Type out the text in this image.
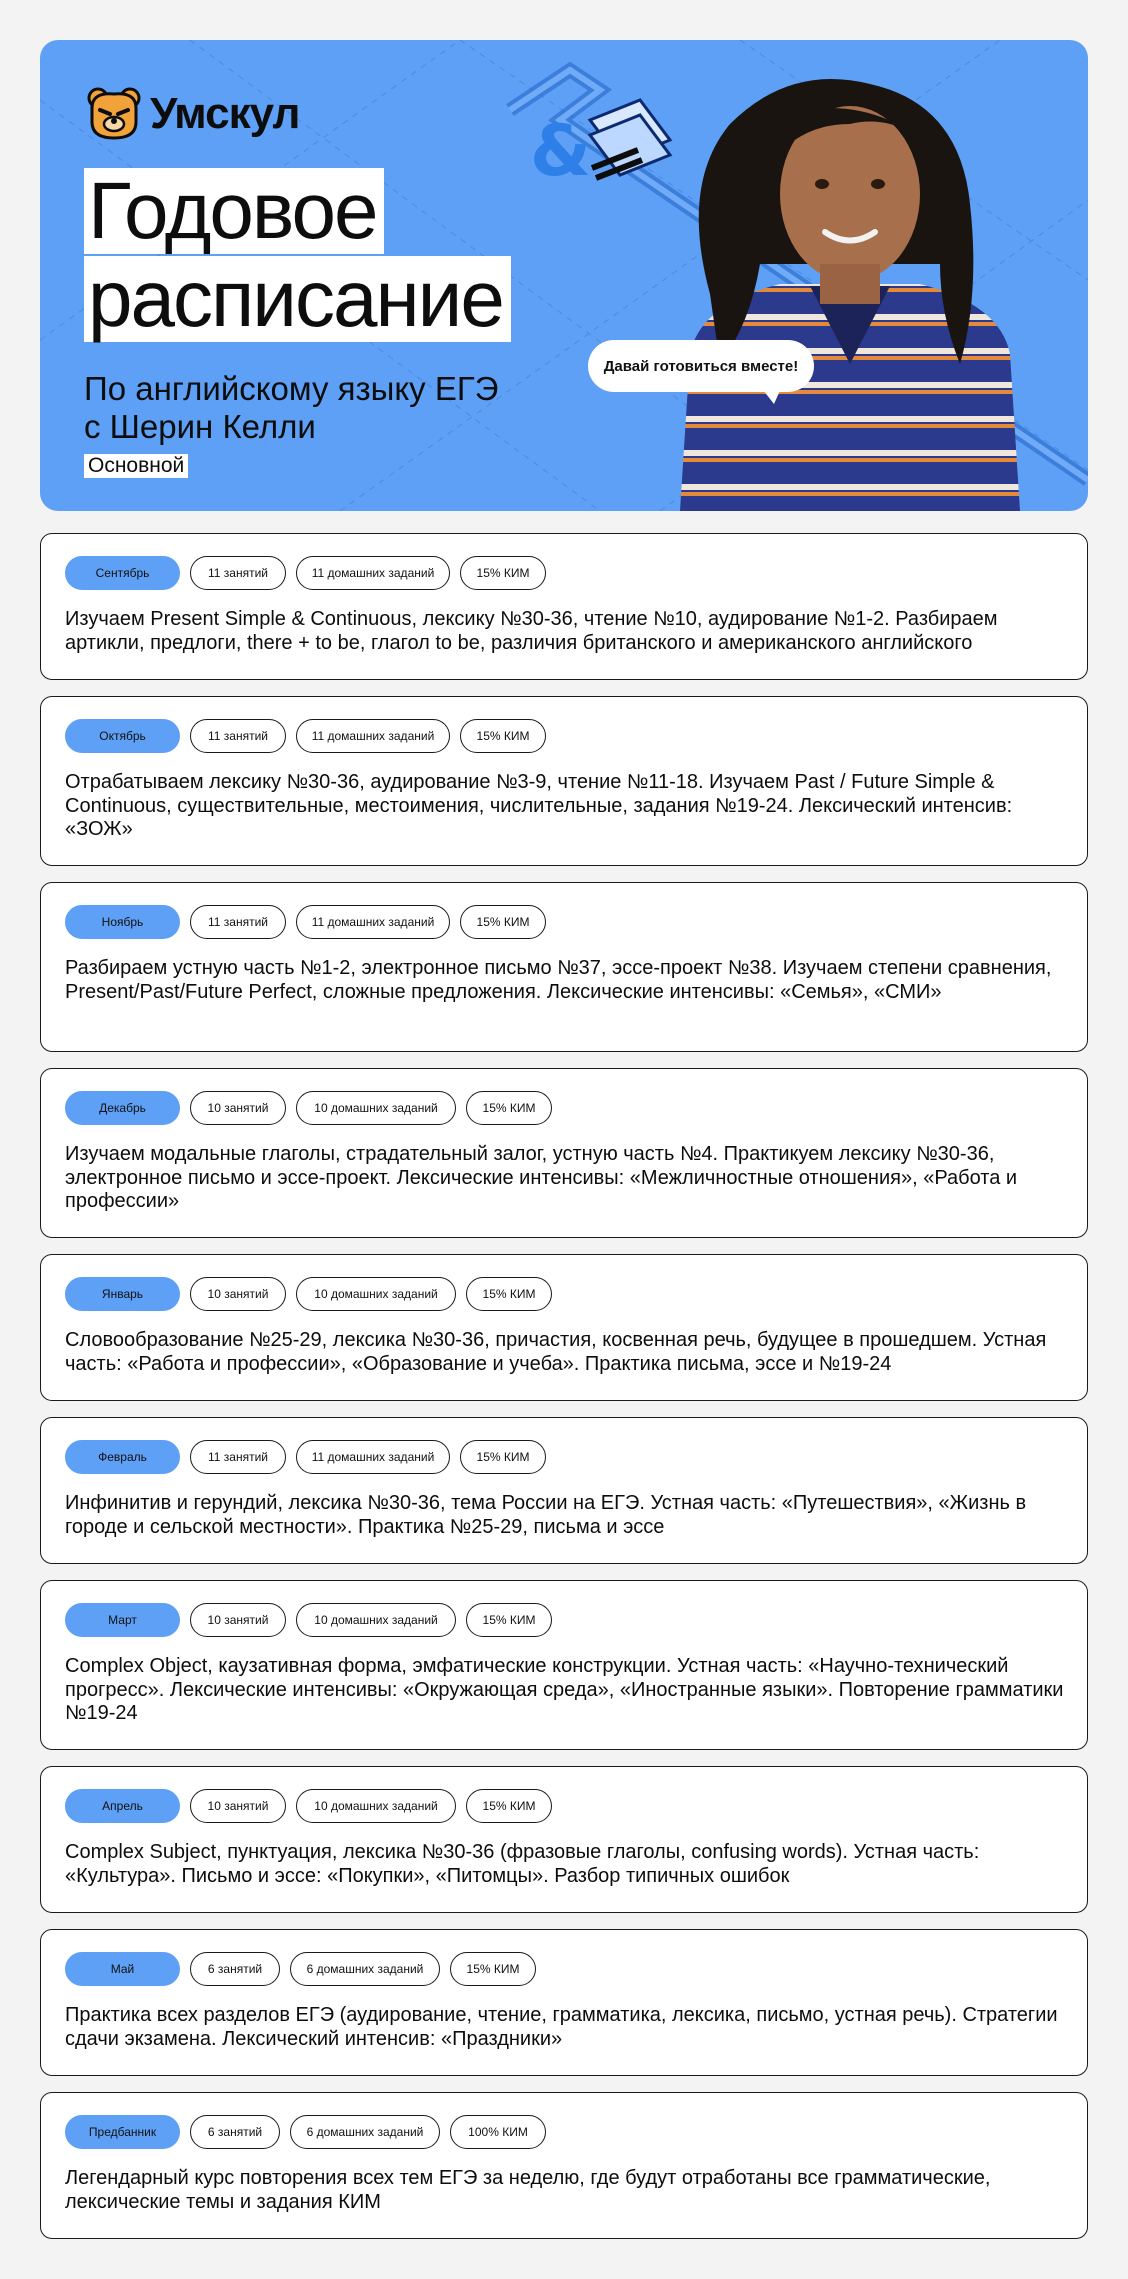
&
Умскул
Годовое
расписание
По английскому языку ЕГЭ
с Шерин Келли
Основной
Давай готовиться вместе!
Сентябрь	11 занятий	11 домашних заданий	15% КИМ

Изучаем Present Simple & Continuous, лексику №30-36, чтение №10, аудирование №1-2. Разбираем артикли, предлоги, there + to be, глагол to be, различия британского и американского английского

Октябрь	11 занятий	11 домашних заданий	15% КИМ

Отрабатываем лексику №30-36, аудирование №3-9, чтение №11-18. Изучаем Past / Future Simple & Continuous, существительные, местоимения, числительные, задания №19-24. Лексический интенсив: «ЗОЖ»

Ноябрь	11 занятий	11 домашних заданий	15% КИМ

Разбираем устную часть №1-2, электронное письмо №37, эссе-проект №38. Изучаем степени сравнения, Present/Past/Future Perfect, сложные предложения. Лексические интенсивы: «Семья», «СМИ»

Декабрь	10 занятий	10 домашних заданий	15% КИМ

Изучаем модальные глаголы, страдательный залог, устную часть №4. Практикуем лексику №30-36, электронное письмо и эссе-проект. Лексические интенсивы: «Межличностные отношения», «Работа и профессии»

Январь	10 занятий	10 домашних заданий	15% КИМ

Словообразование №25-29, лексика №30-36, причастия, косвенная речь, будущее в прошедшем. Устная часть: «Работа и профессии», «Образование и учеба». Практика письма, эссе и №19-24

Февраль	11 занятий	11 домашних заданий	15% КИМ

Инфинитив и герундий, лексика №30-36, тема России на ЕГЭ. Устная часть: «Путешествия», «Жизнь в городе и сельской местности». Практика №25-29, письма и эссе

Март	10 занятий	10 домашних заданий	15% КИМ

Complex Object, каузативная форма, эмфатические конструкции. Устная часть: «Научно-технический прогресс». Лексические интенсивы: «Окружающая среда», «Иностранные языки». Повторение грамматики №19-24

Апрель	10 занятий	10 домашних заданий	15% КИМ

Complex Subject, пунктуация, лексика №30-36 (фразовые глаголы, confusing words). Устная часть: «Культура». Письмо и эссе: «Покупки», «Питомцы». Разбор типичных ошибок

Май	6 занятий	6 домашних заданий	15% КИМ

Практика всех разделов ЕГЭ (аудирование, чтение, грамматика, лексика, письмо, устная речь). Стратегии сдачи экзамена. Лексический интенсив: «Праздники»

Предбанник	6 занятий	6 домашних заданий	100% КИМ

Легендарный курс повторения всех тем ЕГЭ за неделю, где будут отработаны все грамматические, лексические темы и задания КИМ
